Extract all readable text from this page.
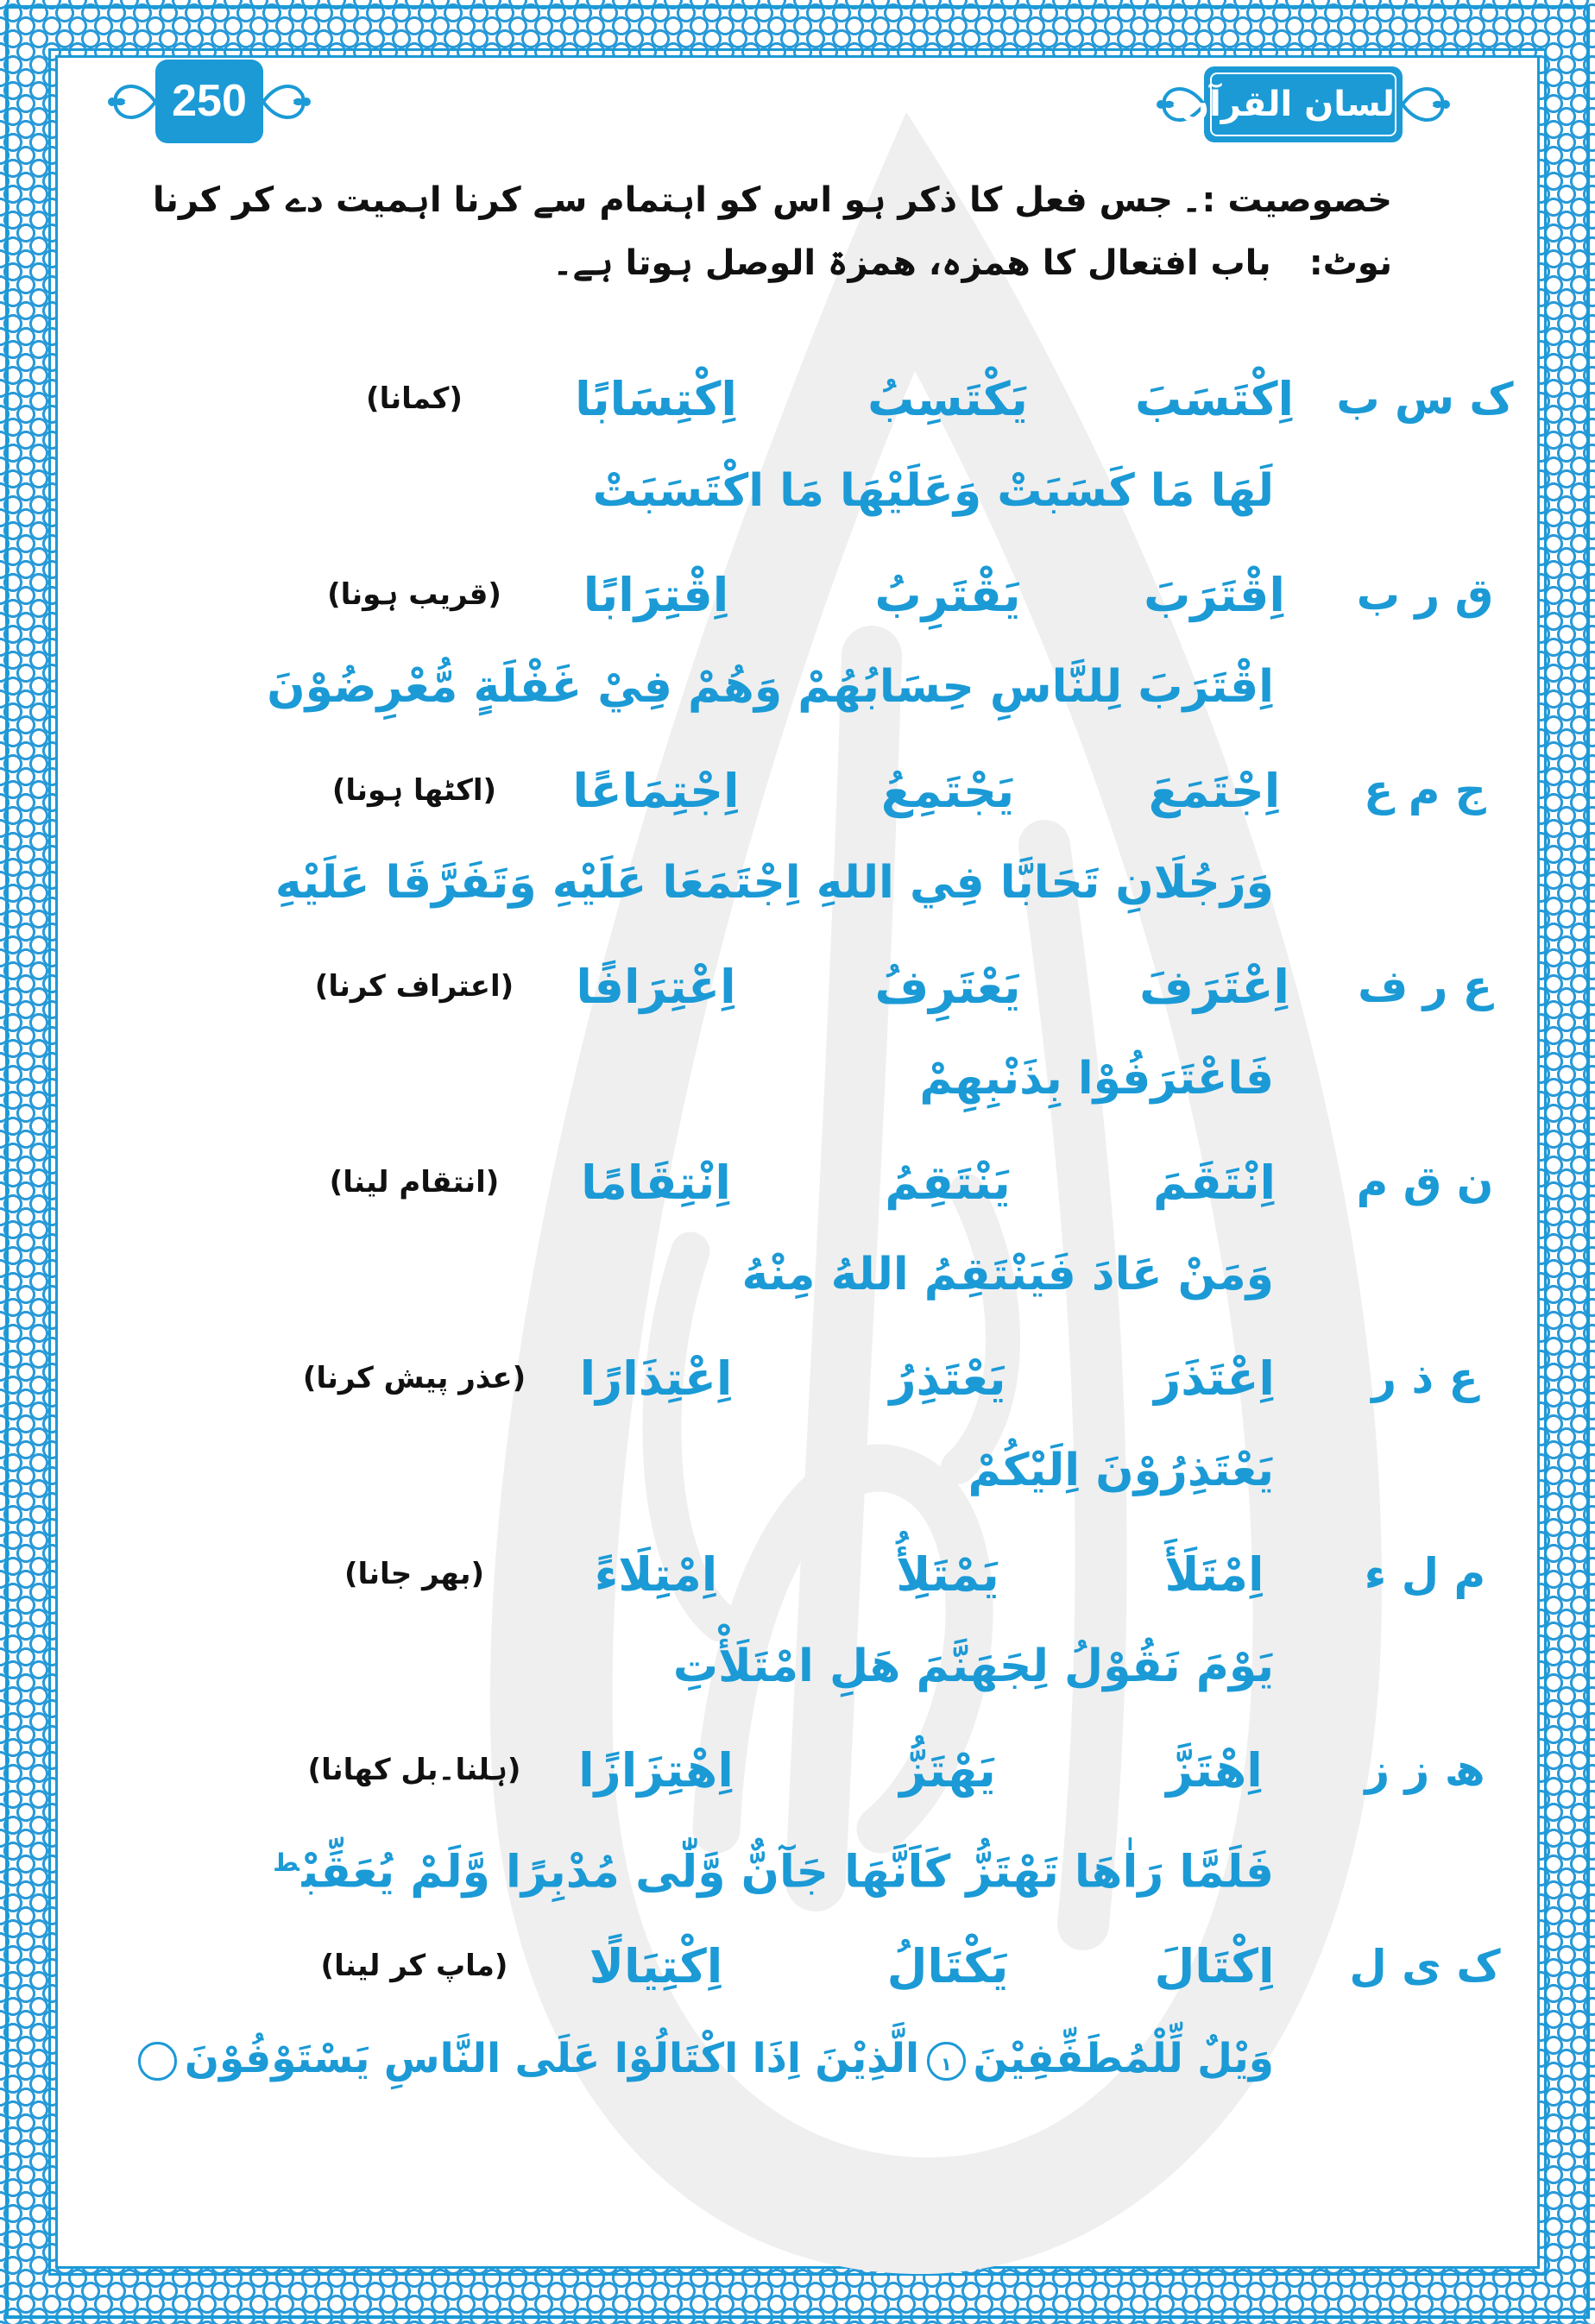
250	لسان القرآن
خصوصیت :۔جس فعل کا ذکر ہو اس کو اہتمام سے کرنا اہمیت دے کر کرنا
نوٹ:باب افتعال کا ھمزہ، ھمزۃ الوصل ہوتا ہے۔
ک س ب
اِكْتَسَبَ
يَكْتَسِبُ
اِكْتِسَابًا
(کمانا)
لَهَا مَا كَسَبَتْ وَعَلَيْهَا مَا اكْتَسَبَتْ
ق ر ب
اِقْتَرَبَ
يَقْتَرِبُ
اِقْتِرَابًا
(قریب ہونا)
اِقْتَرَبَ لِلنَّاسِ حِسَابُهُمْ وَهُمْ فِيْ غَفْلَةٍ مُّعْرِضُوْنَ
ج م ع
اِجْتَمَعَ
يَجْتَمِعُ
اِجْتِمَاعًا
(اکٹھا ہونا)
وَرَجُلَانِ تَحَابَّا فِي اللهِ اِجْتَمَعَا عَلَيْهِ وَتَفَرَّقَا عَلَيْهِ
ع ر ف
اِعْتَرَفَ
يَعْتَرِفُ
اِعْتِرَافًا
(اعتراف کرنا)
فَاعْتَرَفُوْا بِذَنْبِهِمْ
ن ق م
اِنْتَقَمَ
يَنْتَقِمُ
اِنْتِقَامًا
(انتقام لینا)
وَمَنْ عَادَ فَيَنْتَقِمُ اللهُ مِنْهُ
ع ذ ر
اِعْتَذَرَ
يَعْتَذِرُ
اِعْتِذَارًا
(عذر پیش کرنا)
يَعْتَذِرُوْنَ اِلَيْكُمْ
م ل ء
اِمْتَلَأَ
يَمْتَلِأُ
اِمْتِلَاءً
(بھر جانا)
يَوْمَ نَقُوْلُ لِجَهَنَّمَ هَلِ امْتَلَأْتِ
ھ ز ز
اِهْتَزَّ
يَهْتَزُّ
اِهْتِزَازًا
(ہلنا۔بل کھانا)
فَلَمَّا رَاٰهَا تَهْتَزُّ كَاَنَّهَا جَآنٌّ وَّلّٰى مُدْبِرًا وَّلَمْ يُعَقِّبْ$^ط$
ک ی ل
اِكْتَالَ
يَكْتَالُ
اِكْتِيَالًا
(ماپ کر لینا)
وَيْلٌ لِّلْمُطَفِّفِيْنَ١الَّذِيْنَ اِذَا اكْتَالُوْا عَلَى النَّاسِ يَسْتَوْفُوْنَ
